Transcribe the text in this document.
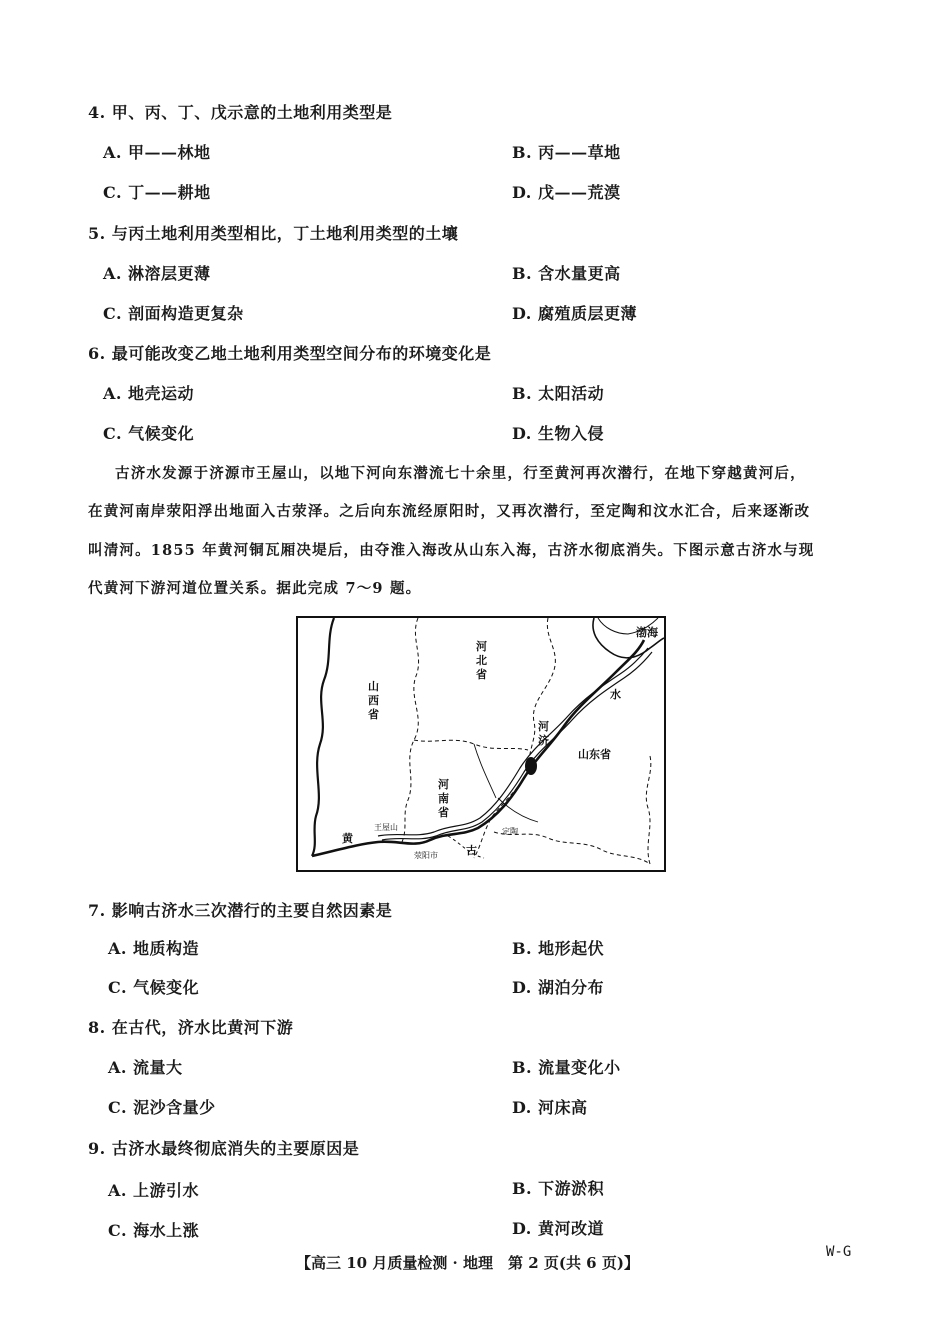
4. 甲、丙、丁、戊示意的土地利用类型是
A. 甲——林地	B. 丙——草地
C. 丁——耕地	D. 戊——荒漠
5. 与丙土地利用类型相比，丁土地利用类型的土壤
A. 淋溶层更薄	B. 含水量更高
C. 剖面构造更复杂	D. 腐殖质层更薄
6. 最可能改变乙地土地利用类型空间分布的环境变化是
A. 地壳运动	B. 太阳活动
C. 气候变化	D. 生物入侵
古济水发源于济源市王屋山，以地下河向东潜流七十余里，行至黄河再次潜行，在地下穿越黄河后，
在黄河南岸荥阳浮出地面入古荥泽。之后向东流经原阳时，又再次潜行，至定陶和汶水汇合，后来逐渐改
叫清河。1855 年黄河铜瓦厢决堤后，由夺淮入海改从山东入海，古济水彻底消失。下图示意古济水与现
代黄河下游河道位置关系。据此完成 7～9 题。
渤海
河
北
省
山
西
省
山东省
河
南
省
河
济
水
黄
王屋山
荥阳市
定陶
古
7. 影响古济水三次潜行的主要自然因素是
A. 地质构造	B. 地形起伏
C. 气候变化	D. 湖泊分布
8. 在古代，济水比黄河下游
A. 流量大	B. 流量变化小
C. 泥沙含量少	D. 河床高
9. 古济水最终彻底消失的主要原因是
A. 上游引水	B. 下游淤积
C. 海水上涨	D. 黄河改道
【高三 10 月质量检测 · 地理　第 2 页(共 6 页)】
W-G
